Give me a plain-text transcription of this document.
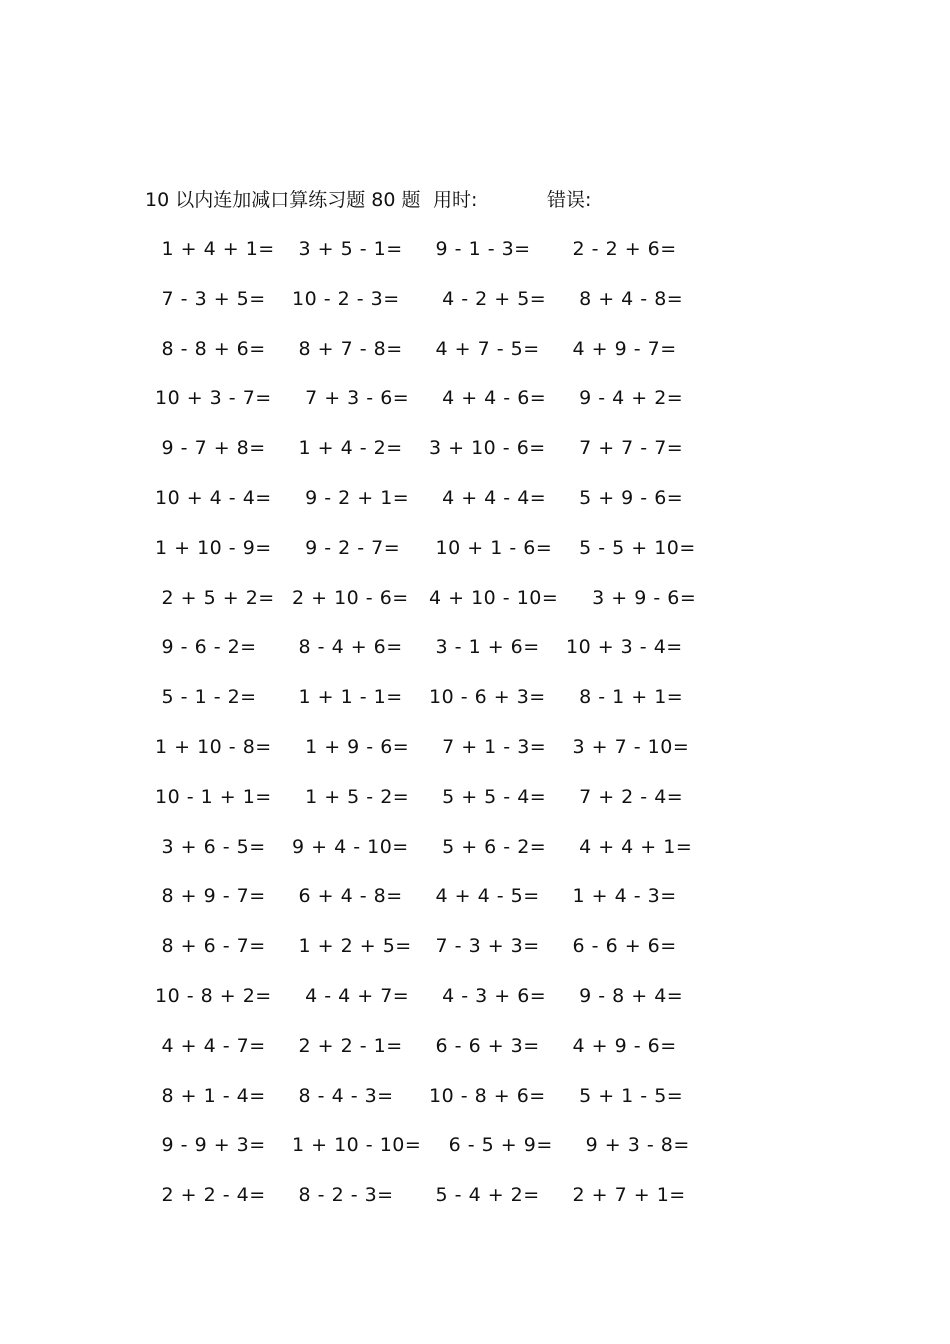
10 以内连加减口算练习题 80 题 用时:	错误:
1 + 4 + 1= 3 + 5 - 1= 9 - 1 - 3= 2 - 2 + 6=
7 - 3 + 5= 10 - 2 - 3= 4 - 2 + 5= 8 + 4 - 8=
8 - 8 + 6= 8 + 7 - 8= 4 + 7 - 5= 4 + 9 - 7=
10 + 3 - 7= 7 + 3 - 6= 4 + 4 - 6= 9 - 4 + 2=
9 - 7 + 8= 1 + 4 - 2= 3 + 10 - 6= 7 + 7 - 7=
10 + 4 - 4= 9 - 2 + 1= 4 + 4 - 4= 5 + 9 - 6=
1 + 10 - 9= 9 - 2 - 7= 10 + 1 - 6= 5 - 5 + 10=
2 + 5 + 2= 2 + 10 - 6= 4 + 10 - 10= 3 + 9 - 6=
9 - 6 - 2= 8 - 4 + 6= 3 - 1 + 6= 10 + 3 - 4=
5 - 1 - 2= 1 + 1 - 1= 10 - 6 + 3= 8 - 1 + 1=
1 + 10 - 8= 1 + 9 - 6= 7 + 1 - 3= 3 + 7 - 10=
10 - 1 + 1= 1 + 5 - 2= 5 + 5 - 4= 7 + 2 - 4=
3 + 6 - 5= 9 + 4 - 10= 5 + 6 - 2= 4 + 4 + 1=
8 + 9 - 7= 6 + 4 - 8= 4 + 4 - 5= 1 + 4 - 3=
8 + 6 - 7= 1 + 2 + 5= 7 - 3 + 3= 6 - 6 + 6=
10 - 8 + 2= 4 - 4 + 7= 4 - 3 + 6= 9 - 8 + 4=
4 + 4 - 7= 2 + 2 - 1= 6 - 6 + 3= 4 + 9 - 6=
8 + 1 - 4= 8 - 4 - 3= 10 - 8 + 6= 5 + 1 - 5=
9 - 9 + 3= 1 + 10 - 10= 6 - 5 + 9= 9 + 3 - 8=
2 + 2 - 4= 8 - 2 - 3= 5 - 4 + 2= 2 + 7 + 1=
